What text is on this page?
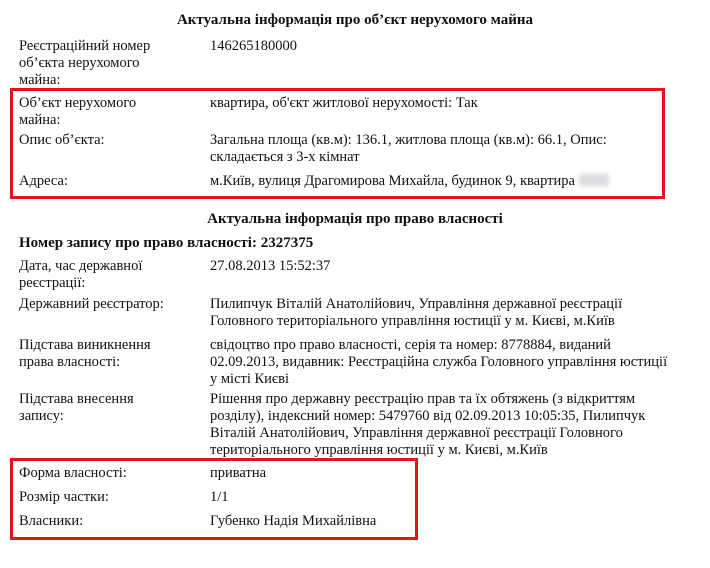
Актуальна інформація про об’єкт нерухомого майна
Реєстраційний номер об’єкта нерухомого майна:
146265180000
Об’єкт нерухомого майна:
квартира, об'єкт житлової нерухомості: Так
Опис об’єкта:	Загальна площа (кв.м): 136.1, житлова площа (кв.м): 66.1, Опис: складається з 3-х кімнат
Адреса:	м.Київ, вулиця Драгомирова Михайла, будинок 9, квартира
Актуальна інформація про право власності
Номер запису про право власності: 2327375
Дата, час державної реєстрації:
27.08.2013 15:52:37
Державний реєстратор:	Пилипчук Віталій Анатолійович, Управління державної реєстрації Головного територіального управління юстиції у м. Києві, м.Київ
Підстава виникнення права власності:
свідоцтво про право власності, серія та номер: 8778884, виданий 02.09.2013, видавник: Реєстраційна служба Головного управління юстиції у місті Києві
Підстава внесення запису:
Рішення про державну реєстрацію прав та їх обтяжень (з відкриттям розділу), індексний номер: 5479760 від 02.09.2013 10:05:35, Пилипчук Віталій Анатолійович, Управління державної реєстрації Головного територіального управління юстиції у м. Києві, м.Київ
Форма власності:	приватна
Розмір частки:	1/1
Власники:	Губенко Надія Михайлівна
